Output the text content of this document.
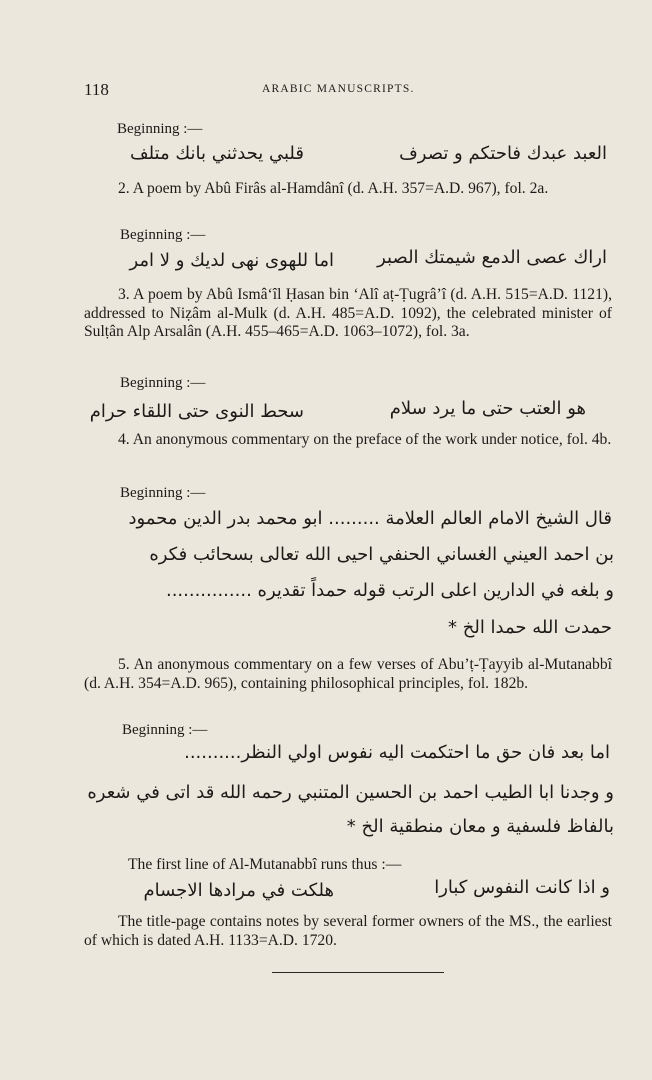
118	ARABIC MANUSCRIPTS.
Beginning :—
العبد عبدك فاحتكم و تصرف
قلبي يحدثني بانك متلف
2. A poem by Abû Firâs al-Hamdânî (d. A.H. 357=A.D. 967), fol. 2a.
Beginning :—
اراك عصى الدمع شيمتك الصبر
اما للهوى نهى لديك و لا امر
3. A poem by Abû Ismâ‘îl Ḥasan bin ‘Alî aṭ-Ṭugrâ’î (d. A.H. 515=A.D. 1121), addressed to Niẓâm al-Mulk (d. A.H. 485=A.D. 1092), the celebrated minister of Sulṭân Alp Arsalân (A.H. 455–465=A.D. 1063–1072), fol. 3a.
Beginning :—
هو العتب حتى ما يرد سلام
سحط النوى حتى اللقاء حرام
4. An anonymous commentary on the preface of the work under notice, fol. 4b.
Beginning :—
قال الشيخ الامام العالم العلامة ......... ابو محمد بدر الدين محمود
بن احمد العيني الغساني الحنفي احيى الله تعالى بسحائب فكره
و بلغه في الدارين اعلى الرتب قوله حمداً تقديره ...............
حمدت الله حمدا الخ *
5. An anonymous commentary on a few verses of Abu’ṭ-Ṭayyib al-Mutanabbî (d. A.H. 354=A.D. 965), containing philosophical principles, fol. 182b.
Beginning :—
اما بعد فان حق ما احتكمت اليه نفوس اولي النظر..........
و وجدنا ابا الطيب احمد بن الحسين المتنبي رحمه الله قد اتى في شعره
بالفاظ فلسفية و معان منطقية الخ *
The first line of Al-Mutanabbî runs thus :—
و اذا كانت النفوس كبارا
هلكت في مرادها الاجسام
The title-page contains notes by several former owners of the MS., the earliest of which is dated A.H. 1133=A.D. 1720.
